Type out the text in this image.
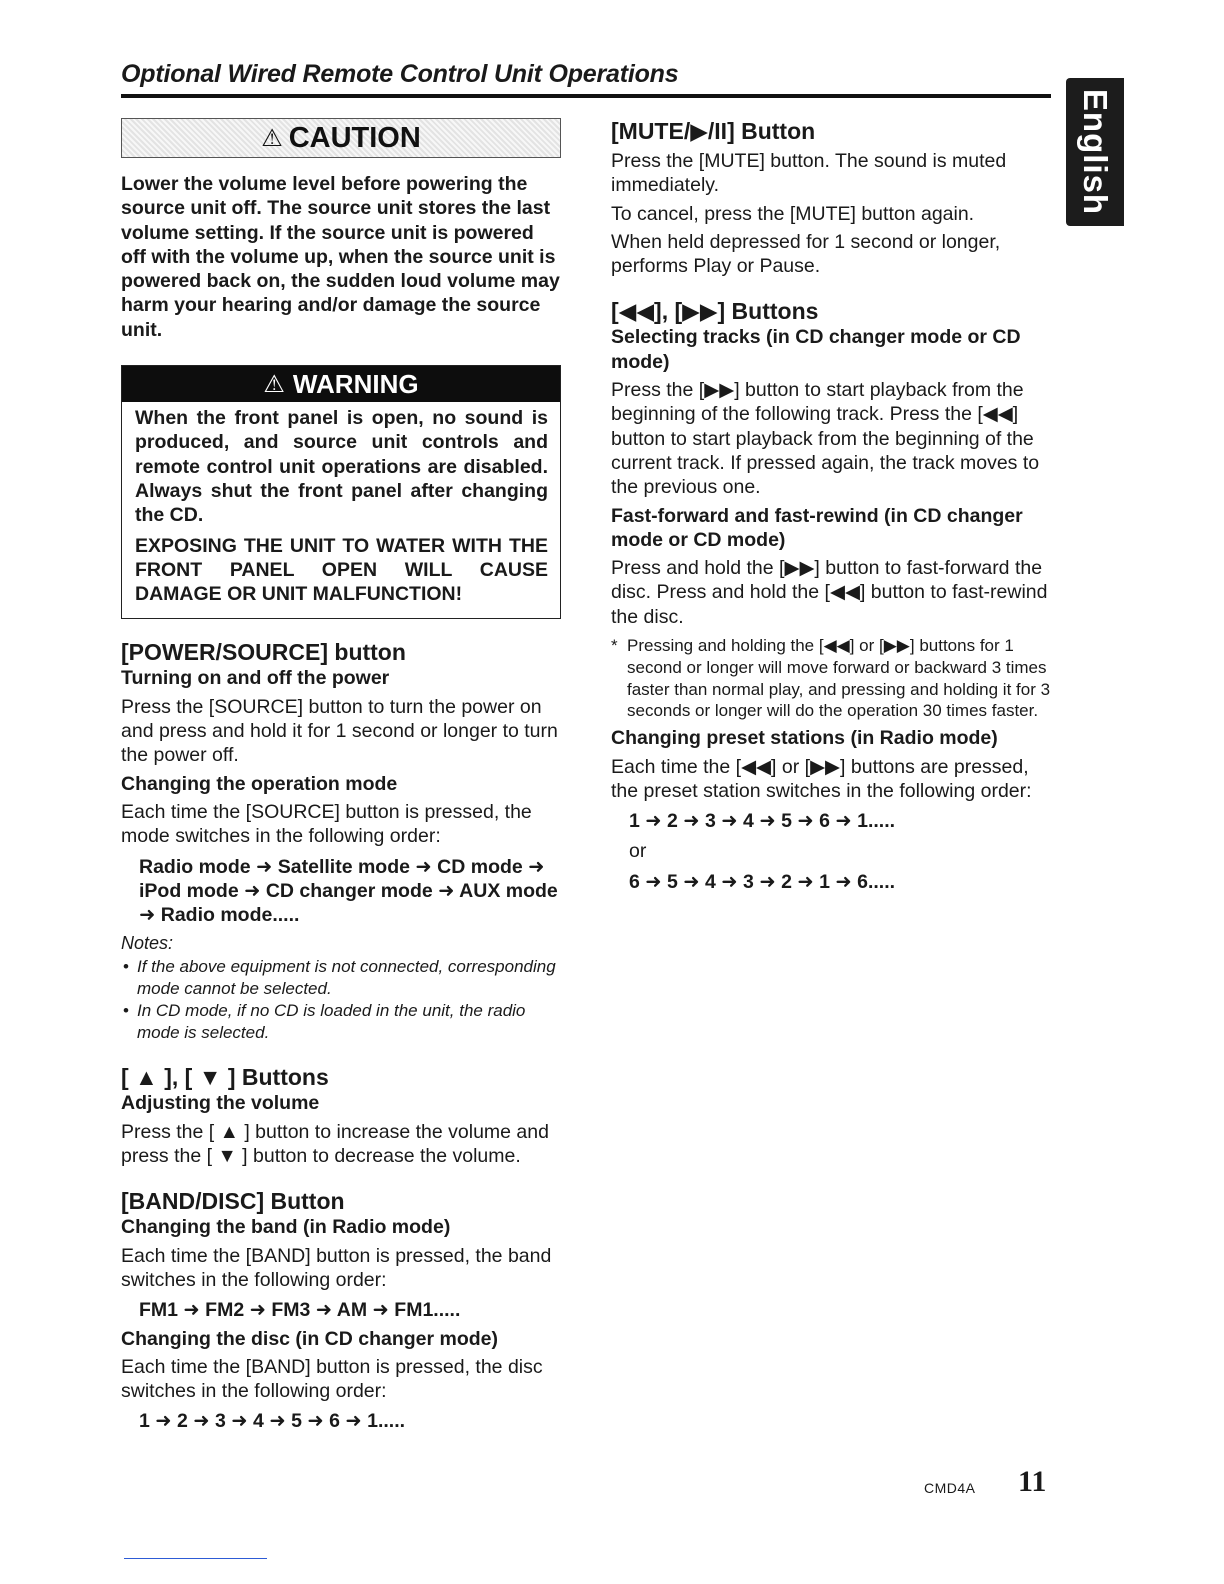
Optional Wired Remote Control Unit Operations
English
⚠ CAUTION

Lower the volume level before powering the source unit off. The source unit stores the last volume setting. If the source unit is powered off with the volume up, when the source unit is powered back on, the sudden loud volume may harm your hearing and/or damage the source unit.

⚠ WARNING

When the front panel is open, no sound is produced, and source unit controls and remote control unit operations are disabled. Always shut the front panel after changing the CD.

EXPOSING THE UNIT TO WATER WITH THE FRONT PANEL OPEN WILL CAUSE DAMAGE OR UNIT MALFUNCTION!

[POWER/SOURCE] button
Turning on and off the power

Press the [SOURCE] button to turn the power on and press and hold it for 1 second or longer to turn the power off.

Changing the operation mode

Each time the [SOURCE] button is pressed, the mode switches in the following order:

Radio mode ➜ Satellite mode ➜ CD mode ➜ iPod mode ➜ CD changer mode ➜ AUX mode ➜ Radio mode.....
Notes:
• If the above equipment is not connected, corresponding mode cannot be selected.
• In CD mode, if no CD is loaded in the unit, the radio mode is selected.
[ ▲ ], [ ▼ ] Buttons
Adjusting the volume

Press the [ ▲ ] button to increase the volume and press the [ ▼ ] button to decrease the volume.

[BAND/DISC] Button
Changing the band (in Radio mode)

Each time the [BAND] button is pressed, the band switches in the following order:

FM1 ➜ FM2 ➜ FM3 ➜ AM ➜ FM1.....
Changing the disc (in CD changer mode)

Each time the [BAND] button is pressed, the disc switches in the following order:

1 ➜ 2 ➜ 3 ➜ 4 ➜ 5 ➜ 6 ➜ 1.....
[MUTE/▶/II] Button

Press the [MUTE] button. The sound is muted immediately.

To cancel, press the [MUTE] button again.

When held depressed for 1 second or longer, performs Play or Pause.

[◀◀], [▶▶] Buttons
Selecting tracks (in CD changer mode or CD mode)

Press the [▶▶] button to start playback from the beginning of the following track. Press the [◀◀] button to start playback from the beginning of the current track. If pressed again, the track moves to the previous one.

Fast-forward and fast-rewind (in CD changer mode or CD mode)

Press and hold the [▶▶] button to fast-forward the disc. Press and hold the [◀◀] button to fast-rewind the disc.

* Pressing and holding the [◀◀] or [▶▶] buttons for 1 second or longer will move forward or backward 3 times faster than normal play, and pressing and holding it for 3 seconds or longer will do the operation 30 times faster.

Changing preset stations (in Radio mode)

Each time the [◀◀] or [▶▶] buttons are pressed, the preset station switches in the following order:

1 ➜ 2 ➜ 3 ➜ 4 ➜ 5 ➜ 6 ➜ 1.....
or
6 ➜ 5 ➜ 4 ➜ 3 ➜ 2 ➜ 1 ➜ 6.....
CMD4A 11
